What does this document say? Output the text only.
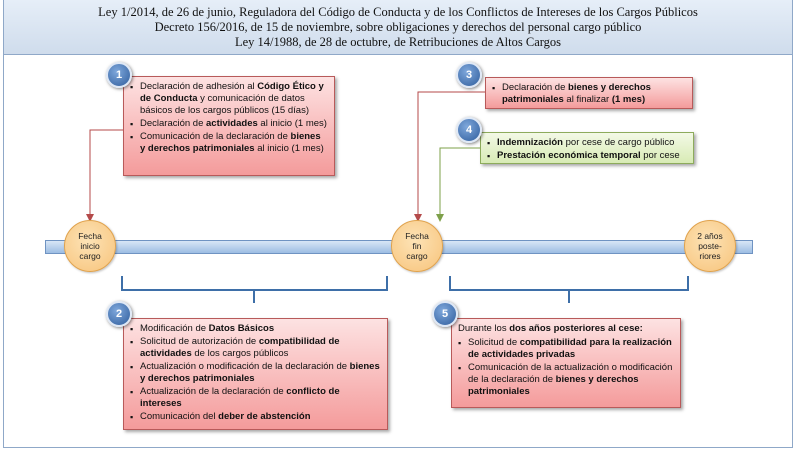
Ley 1/2014, de 26 de junio, Reguladora del Código de Conducta y de los Conflictos de Intereses de los Cargos Públicos
Decreto 156/2016, de 15 de noviembre, sobre obligaciones y derechos del personal cargo público
Ley 14/1988, de 28 de octubre, de Retribuciones de Altos Cargos
Fecha
inicio
cargo
Fecha
fin
cargo
2 años
poste-
riores
1
▪ Declaración de adhesión al Código Ético y de Conducta y comunicación de datos básicos de los cargos públicos (15 días)
▪ Declaración de actividades al inicio (1 mes)
▪ Comunicación de la declaración de bienes y derechos patrimoniales al inicio (1 mes)
3
▪ Declaración de bienes y derechos patrimoniales al finalizar (1 mes)
4
▪ Indemnización por cese de cargo público
▪ Prestación económica temporal por cese
2
▪ Modificación de Datos Básicos
▪ Solicitud de autorización de compatibilidad de actividades de los cargos públicos
▪ Actualización o modificación de la declaración de bienes y derechos patrimoniales
▪ Actualización de la declaración de conflicto de intereses
▪ Comunicación del deber de abstención
5
Durante los dos años posteriores al cese:
▪ Solicitud de compatibilidad para la realización de actividades privadas
▪ Comunicación de la actualización o modificación de la declaración de bienes y derechos patrimoniales
